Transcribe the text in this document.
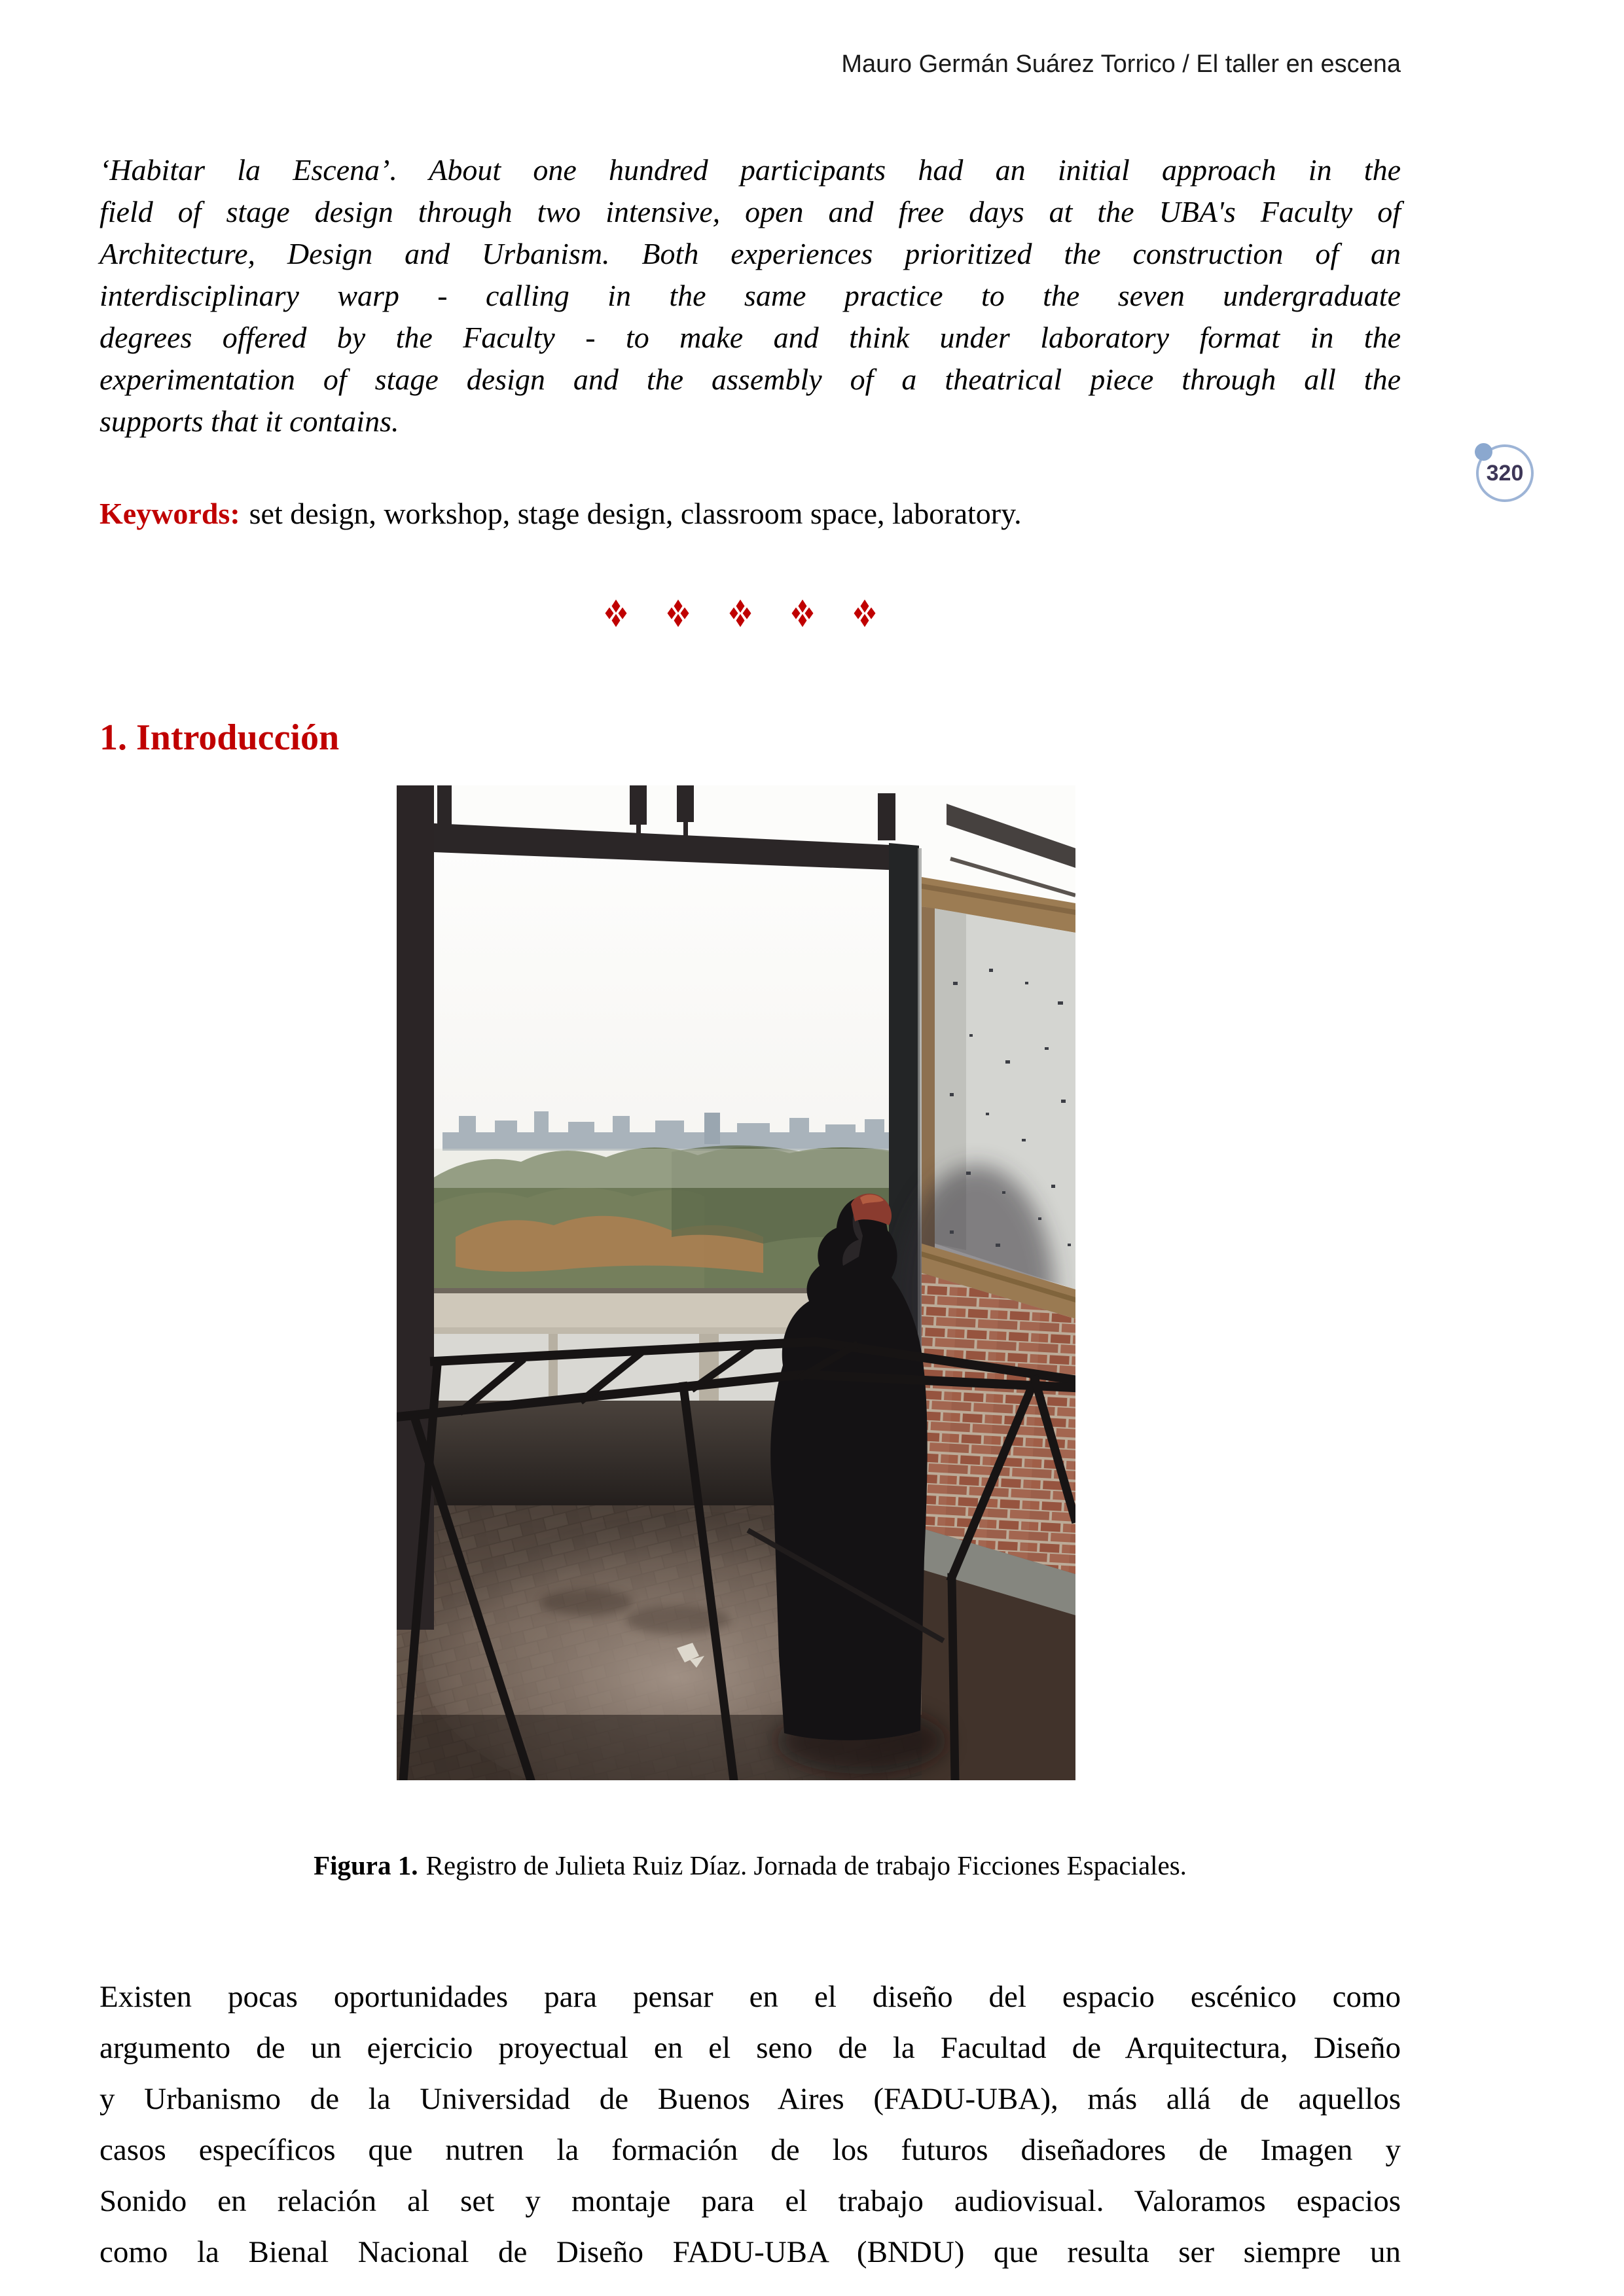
Mauro Germán Suárez Torrico / El taller en escena
‘Habitar la Escena’. About one hundred participants had an initial approach in the
field of stage design through two intensive, open and free days at the UBA's Faculty of
Architecture, Design and Urbanism. Both experiences prioritized the construction of an
interdisciplinary warp - calling in the same practice to the seven undergraduate
degrees offered by the Faculty - to make and think under laboratory format in the
experimentation of stage design and the assembly of a theatrical piece through all the
supports that it contains.
Keywords: set design, workshop, stage design, classroom space, laboratory.
320
1. Introducción
Figura 1. Registro de Julieta Ruiz Díaz. Jornada de trabajo Ficciones Espaciales.
Existen pocas oportunidades para pensar en el diseño del espacio escénico como
argumento de un ejercicio proyectual en el seno de la Facultad de Arquitectura, Diseño
y Urbanismo de la Universidad de Buenos Aires (FADU-UBA), más allá de aquellos
casos específicos que nutren la formación de los futuros diseñadores de Imagen y
Sonido en relación al set y montaje para el trabajo audiovisual. Valoramos espacios
como la Bienal Nacional de Diseño FADU-UBA (BNDU) que resulta ser siempre un
